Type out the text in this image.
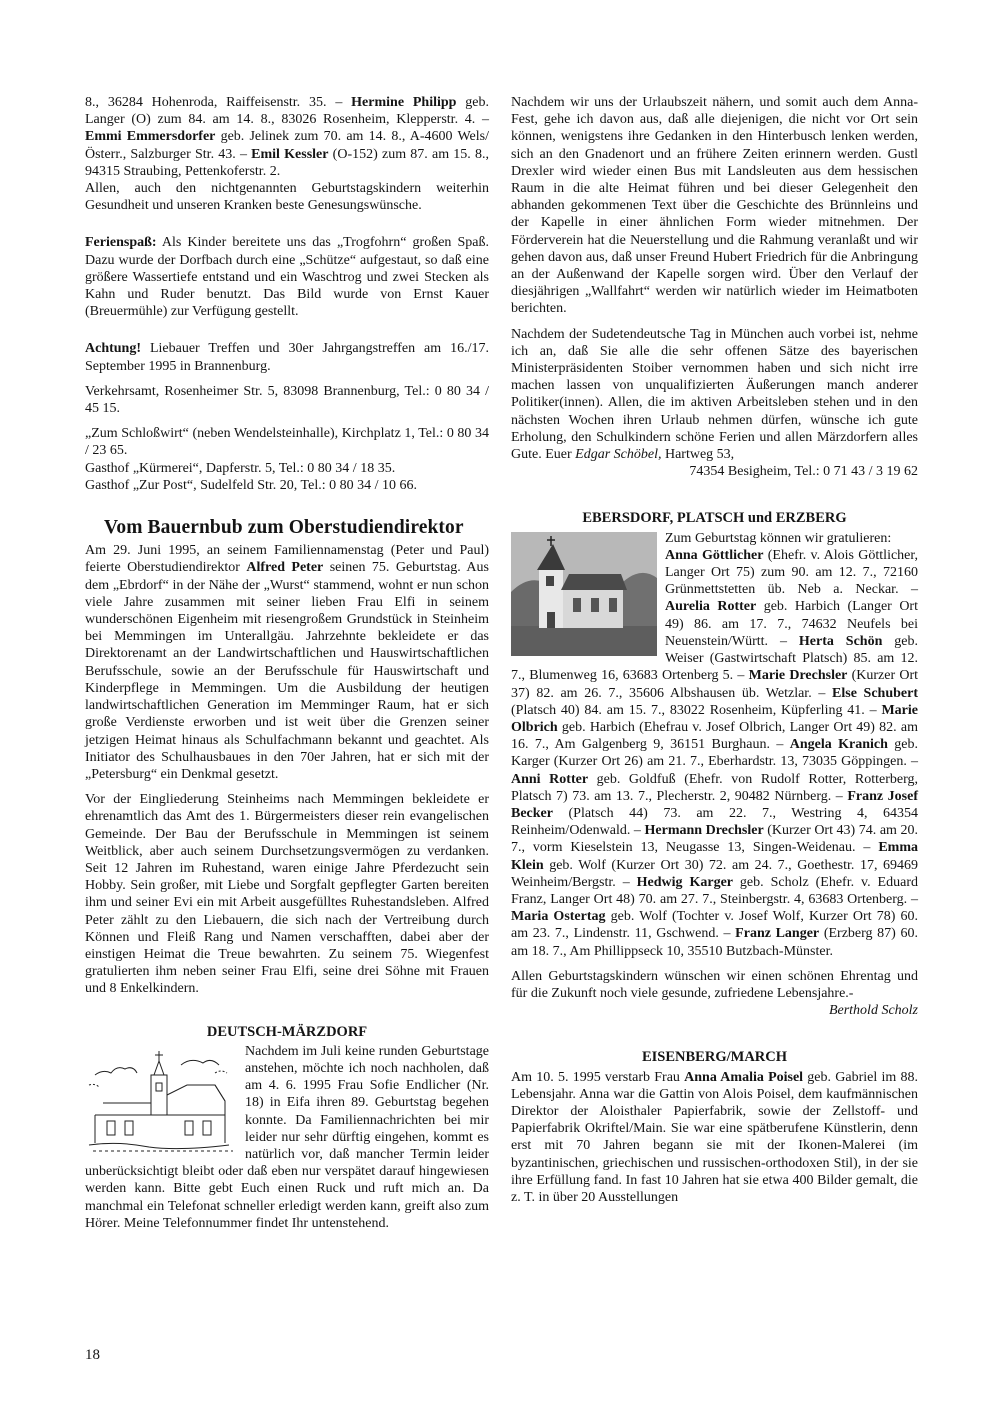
8., 36284 Hohenroda, Raiffeisenstr. 35. – Hermine Philipp geb. Langer (O) zum 84. am 14. 8., 83026 Rosenheim, Klepperstr. 4. – Emmi Emmersdorfer geb. Jelinek zum 70. am 14. 8., A-4600 Wels/Österr., Salzburger Str. 43. – Emil Kessler (O-152) zum 87. am 15. 8., 94315 Straubing, Pettenkoferstr. 2.

Allen, auch den nichtgenannten Geburtstagskindern weiterhin Gesundheit und unseren Kranken beste Genesungswünsche.

Ferienspaß: Als Kinder bereitete uns das „Trogfohrn“ großen Spaß. Dazu wurde der Dorfbach durch eine „Schütze“ aufgestaut, so daß eine größere Wassertiefe entstand und ein Waschtrog und zwei Stecken als Kahn und Ruder benutzt. Das Bild wurde von Ernst Kauer (Breuermühle) zur Verfügung gestellt.

Achtung! Liebauer Treffen und 30er Jahrgangstreffen am 16./17. September 1995 in Brannenburg.

Verkehrsamt, Rosenheimer Str. 5, 83098 Brannenburg, Tel.: 0 80 34 / 45 15.

„Zum Schloßwirt“ (neben Wendelsteinhalle), Kirchplatz 1, Tel.: 0 80 34 / 23 65.

Gasthof „Kürmerei“, Dapferstr. 5, Tel.: 0 80 34 / 18 35.

Gasthof „Zur Post“, Sudelfeld Str. 20, Tel.: 0 80 34 / 10 66.

Vom Bauernbub zum Oberstudiendirektor

Am 29. Juni 1995, an seinem Familiennamenstag (Peter und Paul) feierte Oberstudiendirektor Alfred Peter seinen 75. Geburtstag. Aus dem „Ebrdorf“ in der Nähe der „Wurst“ stammend, wohnt er nun schon viele Jahre zusammen mit seiner lieben Frau Elfi in seinem wunderschönen Eigenheim mit riesengroßem Grundstück in Steinheim bei Memmingen im Unterallgäu. Jahrzehnte bekleidete er das Direktorenamt an der Landwirtschaftlichen und Hauswirtschaftlichen Berufsschule, sowie an der Berufsschule für Hauswirtschaft und Kinderpflege in Memmingen. Um die Ausbildung der heutigen landwirtschaftlichen Generation im Memminger Raum, hat er sich große Verdienste erworben und ist weit über die Grenzen seiner jetzigen Heimat hinaus als Schulfachmann bekannt und geachtet. Als Initiator des Schulhausbaues in den 70er Jahren, hat er sich mit der „Petersburg“ ein Denkmal gesetzt.

Vor der Eingliederung Steinheims nach Memmingen bekleidete er ehrenamtlich das Amt des 1. Bürgermeisters dieser rein evangelischen Gemeinde. Der Bau der Berufsschule in Memmingen ist seinem Weitblick, aber auch seinem Durchsetzungsvermögen zu verdanken. Seit 12 Jahren im Ruhestand, waren einige Jahre Pferdezucht sein Hobby. Sein großer, mit Liebe und Sorgfalt gepflegter Garten bereiten ihm und seiner Evi ein mit Arbeit ausgefülltes Ruhestandsleben. Alfred Peter zählt zu den Liebauern, die sich nach der Vertreibung durch Können und Fleiß Rang und Namen verschafften, dabei aber der einstigen Heimat die Treue bewahrten. Zu seinem 75. Wiegenfest gratulierten ihm neben seiner Frau Elfi, seine drei Söhne mit Frauen und 8 Enkelkindern.

DEUTSCH-MÄRZDORF

Nachdem im Juli keine runden Geburtstage anstehen, möchte ich noch nachholen, daß am 4. 6. 1995 Frau Sofie Endlicher (Nr. 18) in Eifa ihren 89. Geburtstag begehen konnte. Da Familiennachrichten bei mir leider nur sehr dürftig eingehen, kommt es natürlich vor, daß mancher Termin leider unberücksichtigt bleibt oder daß eben nur verspätet darauf hingewiesen werden kann. Bitte gebt Euch einen Ruck und ruft mich an. Da manchmal ein Telefonat schneller erledigt werden kann, greift also zum Hörer. Meine Telefonnummer findet Ihr untenstehend.

Nachdem wir uns der Urlaubszeit nähern, und somit auch dem Anna-Fest, gehe ich davon aus, daß alle diejenigen, die nicht vor Ort sein können, wenigstens ihre Gedanken in den Hinterbusch lenken werden, sich an den Gnadenort und an frühere Zeiten erinnern werden. Gustl Drexler wird wieder einen Bus mit Landsleuten aus dem hessischen Raum in die alte Heimat führen und bei dieser Gelegenheit den abhanden gekommenen Text über die Geschichte des Brünnleins und der Kapelle in einer ähnlichen Form wieder mitnehmen. Der Förderverein hat die Neuerstellung und die Rahmung veranlaßt und wir gehen davon aus, daß unser Freund Hubert Friedrich für die Anbringung an der Außenwand der Kapelle sorgen wird. Über den Verlauf der diesjährigen „Wallfahrt“ werden wir natürlich wieder im Heimatboten berichten.

Nachdem der Sudetendeutsche Tag in München auch vorbei ist, nehme ich an, daß Sie alle die sehr offenen Sätze des bayerischen Ministerpräsidenten Stoiber vernommen haben und sich nicht irre machen lassen von unqualifizierten Äußerungen manch anderer Politiker(innen). Allen, die im aktiven Arbeitsleben stehen und in den nächsten Wochen ihren Urlaub nehmen dürfen, wünsche ich gute Erholung, den Schulkindern schöne Ferien und allen Märzdorfern alles Gute. Euer Edgar Schöbel, Hartweg 53,

74354 Besigheim, Tel.: 0 71 43 / 3 19 62

EBERSDORF, PLATSCH und ERZBERG

Zum Geburtstag können wir gratulieren:
Anna Göttlicher (Ehefr. v. Alois Göttlicher, Langer Ort 75) zum 90. am 12. 7., 72160 Grünmettstetten üb. Neb a. Neckar. – Aurelia Rotter geb. Harbich (Langer Ort 49) 86. am 17. 7., 74632 Neufels bei Neuenstein/Württ. – Herta Schön geb. Weiser (Gastwirtschaft Platsch) 85. am 12. 7., Blumenweg 16, 63683 Ortenberg 5. – Marie Drechsler (Kurzer Ort 37) 82. am 26. 7., 35606 Albshausen üb. Wetzlar. – Else Schubert (Platsch 40) 84. am 15. 7., 83022 Rosenheim, Küpferling 41. – Marie Olbrich geb. Harbich (Ehefrau v. Josef Olbrich, Langer Ort 49) 82. am 16. 7., Am Galgenberg 9, 36151 Burghaun. – Angela Kranich geb. Karger (Kurzer Ort 26) am 21. 7., Eberhardstr. 13, 73035 Göppingen. – Anni Rotter geb. Goldfuß (Ehefr. von Rudolf Rotter, Rotterberg, Platsch 7) 73. am 13. 7., Plecherstr. 2, 90482 Nürnberg. – Franz Josef Becker (Platsch 44) 73. am 22. 7., Westring 4, 64354 Reinheim/Odenwald. – Hermann Drechsler (Kurzer Ort 43) 74. am 20. 7., vorm Kieselstein 13, Neugasse 13, Singen-Weidenau. – Emma Klein geb. Wolf (Kurzer Ort 30) 72. am 24. 7., Goethestr. 17, 69469 Weinheim/Bergstr. – Hedwig Karger geb. Scholz (Ehefr. v. Eduard Franz, Langer Ort 48) 70. am 27. 7., Steinbergstr. 4, 63683 Ortenberg. – Maria Ostertag geb. Wolf (Tochter v. Josef Wolf, Kurzer Ort 78) 60. am 23. 7., Lindenstr. 11, Gschwend. – Franz Langer (Erzberg 87) 60. am 18. 7., Am Phillippseck 10, 35510 Butzbach-Münster.

Allen Geburtstagskindern wünschen wir einen schönen Ehrentag und für die Zukunft noch viele gesunde, zufriedene Lebensjahre.-

Berthold Scholz

EISENBERG/MARCH

Am 10. 5. 1995 verstarb Frau Anna Amalia Poisel geb. Gabriel im 88. Lebensjahr. Anna war die Gattin von Alois Poisel, dem kaufmännischen Direktor der Aloisthaler Papierfabrik, sowie der Zellstoff- und Papierfabrik Okriftel/Main. Sie war eine spätberufene Künstlerin, denn erst mit 70 Jahren begann sie mit der Ikonen-Malerei (im byzantinischen, griechischen und russischen-orthodoxen Stil), in der sie ihre Erfüllung fand. In fast 10 Jahren hat sie etwa 400 Bilder gemalt, die z. T. in über 20 Ausstellungen

18
